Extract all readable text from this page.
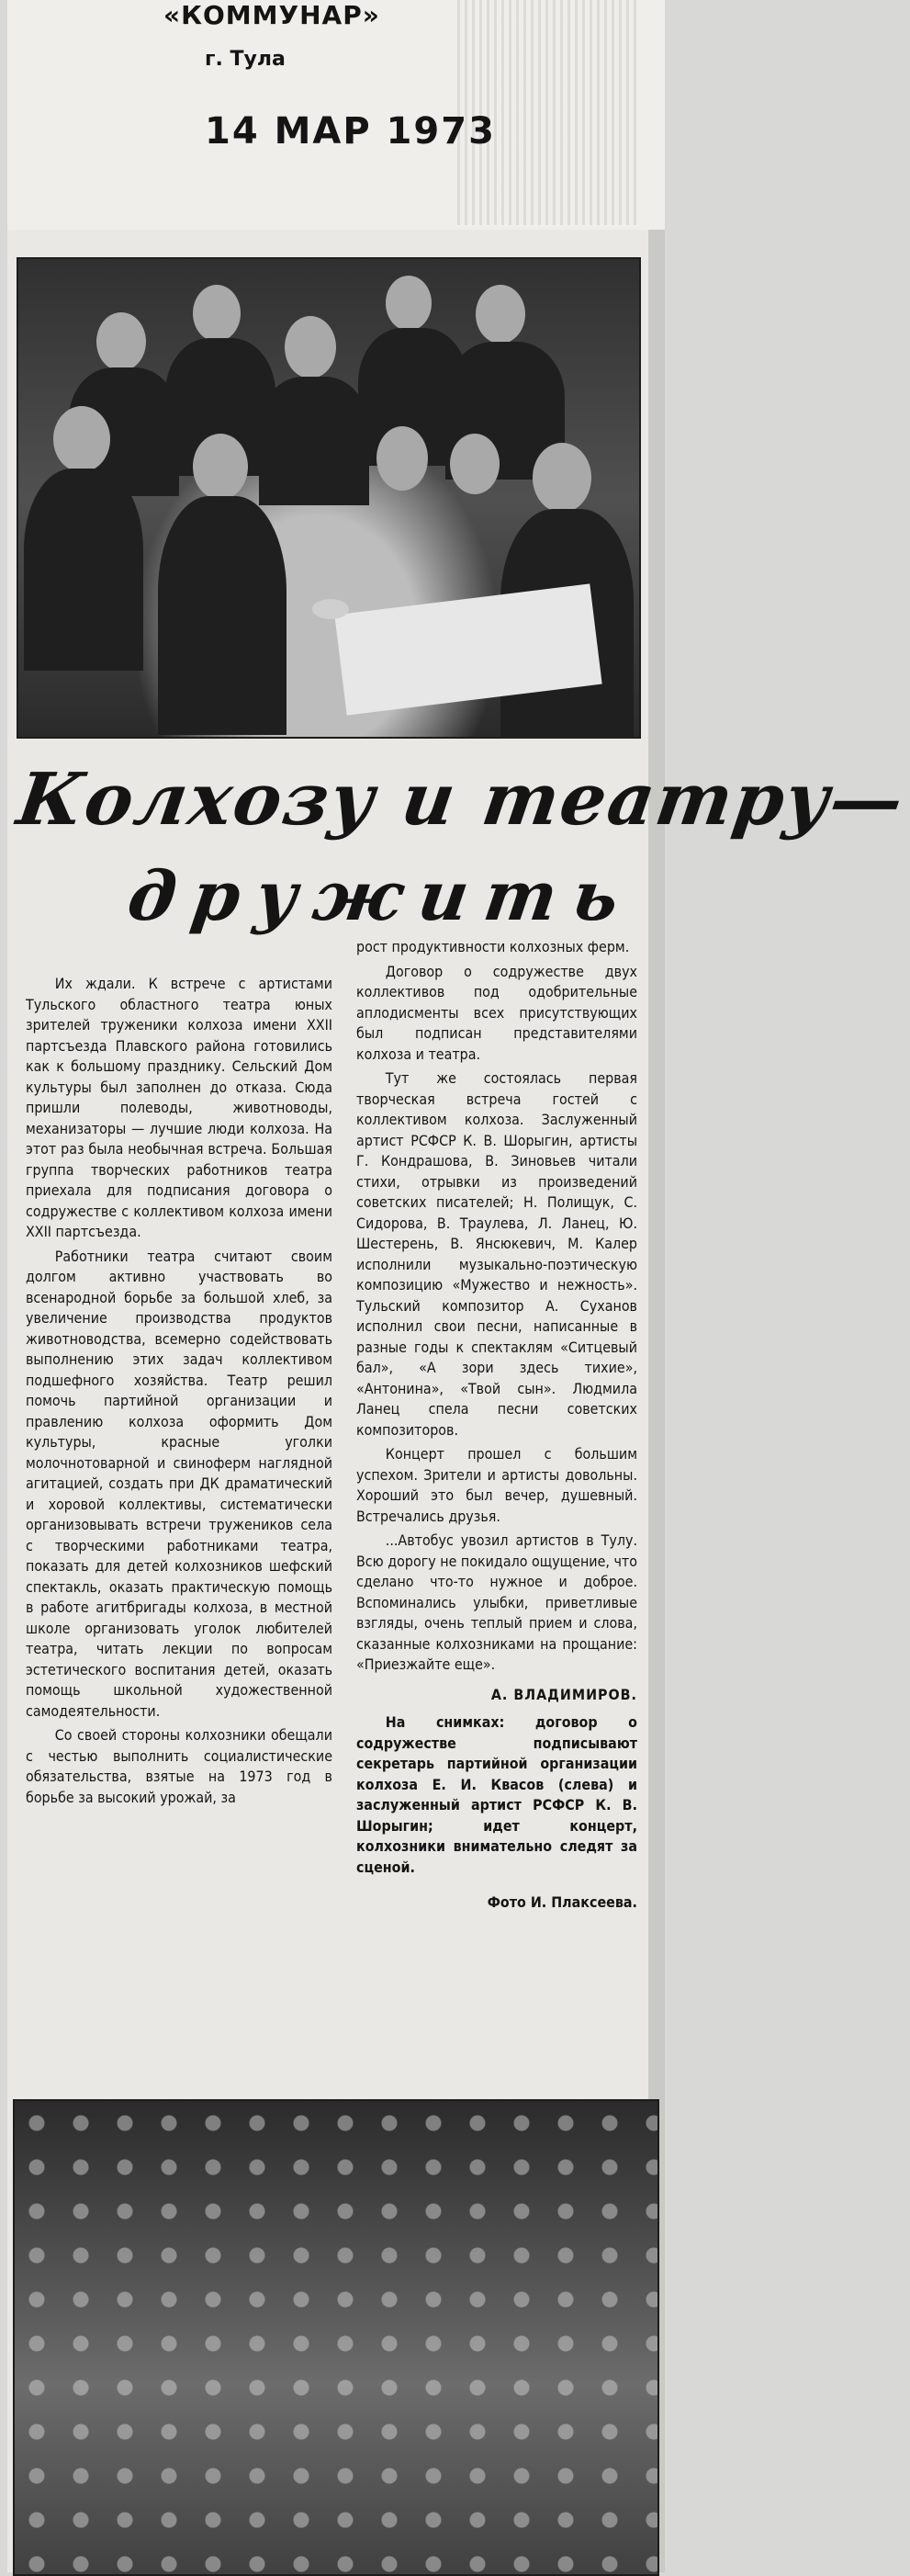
«КОММУНАР»
г. Тула
14 МАР 1973
Колхозу и театру—
дружить

Их ждали. К встрече с артистами Тульского областного театра юных зрителей труженики колхоза имени XXII партсъезда Плавского района готовились как к большому празднику. Сельский Дом культуры был заполнен до отказа. Сюда пришли полеводы, животноводы, механизаторы — лучшие люди колхоза. На этот раз была необычная встреча. Большая группа творческих работников театра приехала для подписания договора о содружестве с коллективом колхоза имени XXII партсъезда.

Работники театра считают своим долгом активно участвовать во всенародной борьбе за большой хлеб, за увеличение производства продуктов животноводства, всемерно содействовать выполнению этих задач коллективом подшефного хозяйства. Театр решил помочь партийной организации и правлению колхоза оформить Дом культуры, красные уголки молочнотоварной и свиноферм наглядной агитацией, создать при ДК драматический и хоровой коллективы, систематически организовывать встречи тружеников села с творческими работниками театра, показать для детей колхозников шефский спектакль, оказать практическую помощь в работе агитбригады колхоза, в местной школе организовать уголок любителей театра, читать лекции по вопросам эстетического воспитания детей, оказать помощь школьной художественной самодеятельности.

Со своей стороны колхозники обещали с честью выполнить социалистические обязательства, взятые на 1973 год в борьбе за высокий урожай, за

рост продуктивности колхозных ферм.

Договор о содружестве двух коллективов под одобрительные аплодисменты всех присутствующих был подписан представителями колхоза и театра.

Тут же состоялась первая творческая встреча гостей с коллективом колхоза. Заслуженный артист РСФСР К. В. Шорыгин, артисты Г. Кондрашова, В. Зиновьев читали стихи, отрывки из произведений советских писателей; Н. Полищук, С. Сидорова, В. Траулева, Л. Ланец, Ю. Шестерень, В. Янсюкевич, М. Калер исполнили музыкально-поэтическую композицию «Мужество и нежность». Тульский композитор А. Суханов исполнил свои песни, написанные в разные годы к спектаклям «Ситцевый бал», «А зори здесь тихие», «Антонина», «Твой сын». Людмила Ланец спела песни советских композиторов.

Концерт прошел с большим успехом. Зрители и артисты довольны. Хороший это был вечер, душевный. Встречались друзья.

...Автобус увозил артистов в Тулу. Всю дорогу не покидало ощущение, что сделано что-то нужное и доброе. Вспоминались улыбки, приветливые взгляды, очень теплый прием и слова, сказанные колхозниками на прощание: «Приезжайте еще».

А. ВЛАДИМИРОВ.

На снимках: договор о содружестве подписывают секретарь партийной организации колхоза Е. И. Квасов (слева) и заслуженный артист РСФСР К. В. Шорыгин; идет концерт, колхозники внимательно следят за сценой.

Фото И. Плаксеева.
